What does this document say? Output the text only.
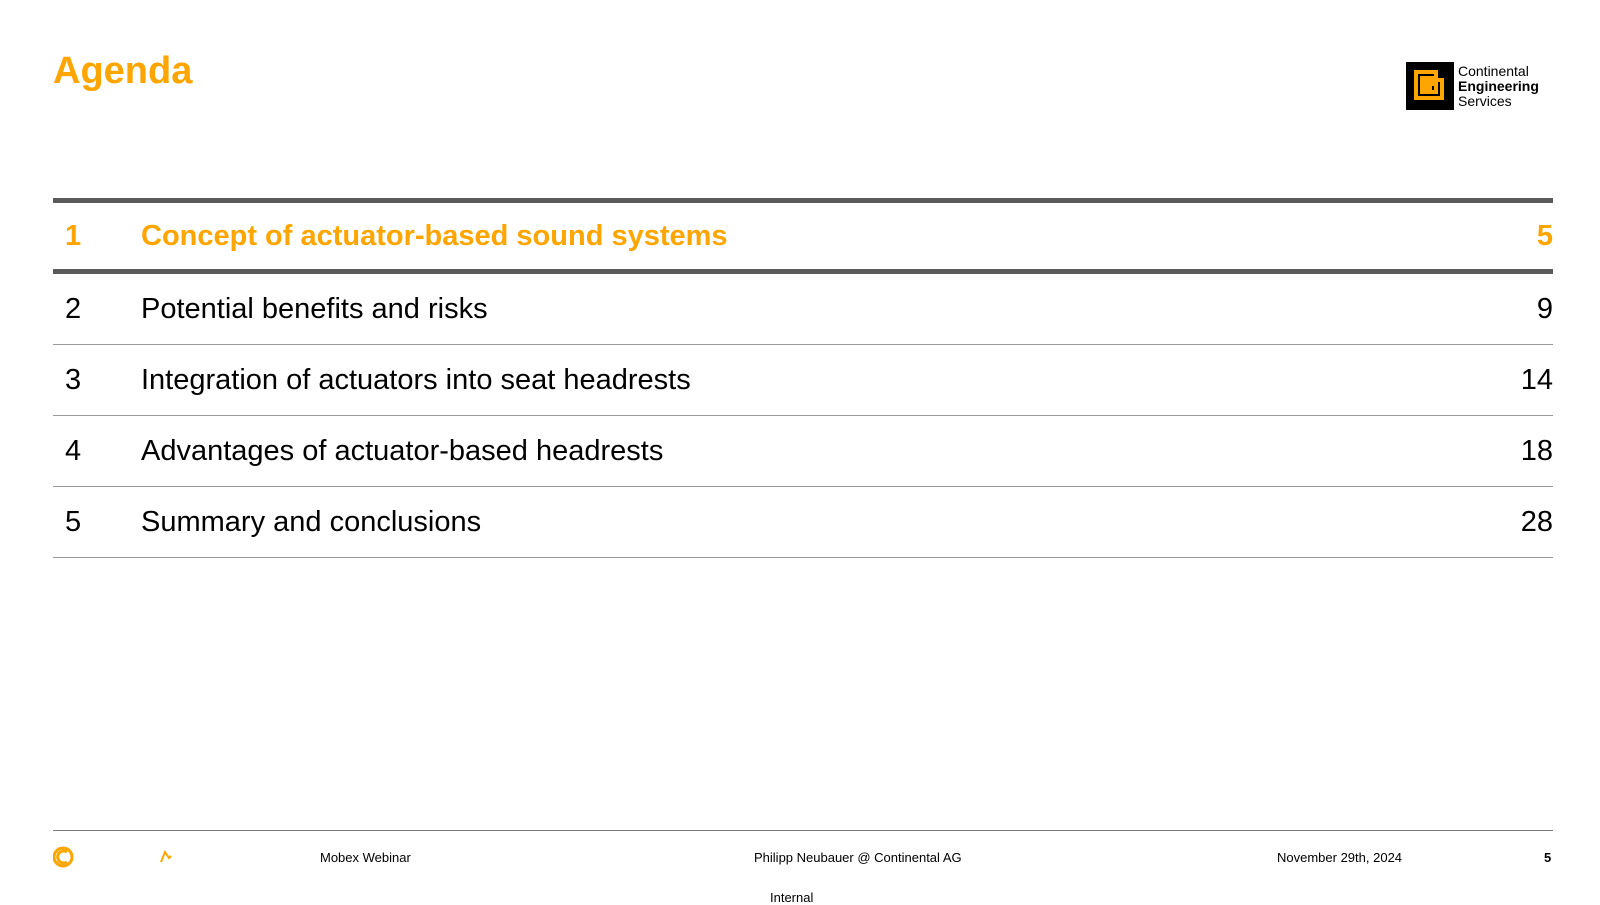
Agenda	Continental
Engineering
Services
1 Concept of actuator-based sound systems	5
2 Potential benefits and risks	9
3 Integration of actuators into seat headrests	14
4 Advantages of actuator-based headrests	18
5 Summary and conclusions	28
Mobex Webinar	Philipp Neubauer @ Continental AG	November 29th, 2024	5
Internal
